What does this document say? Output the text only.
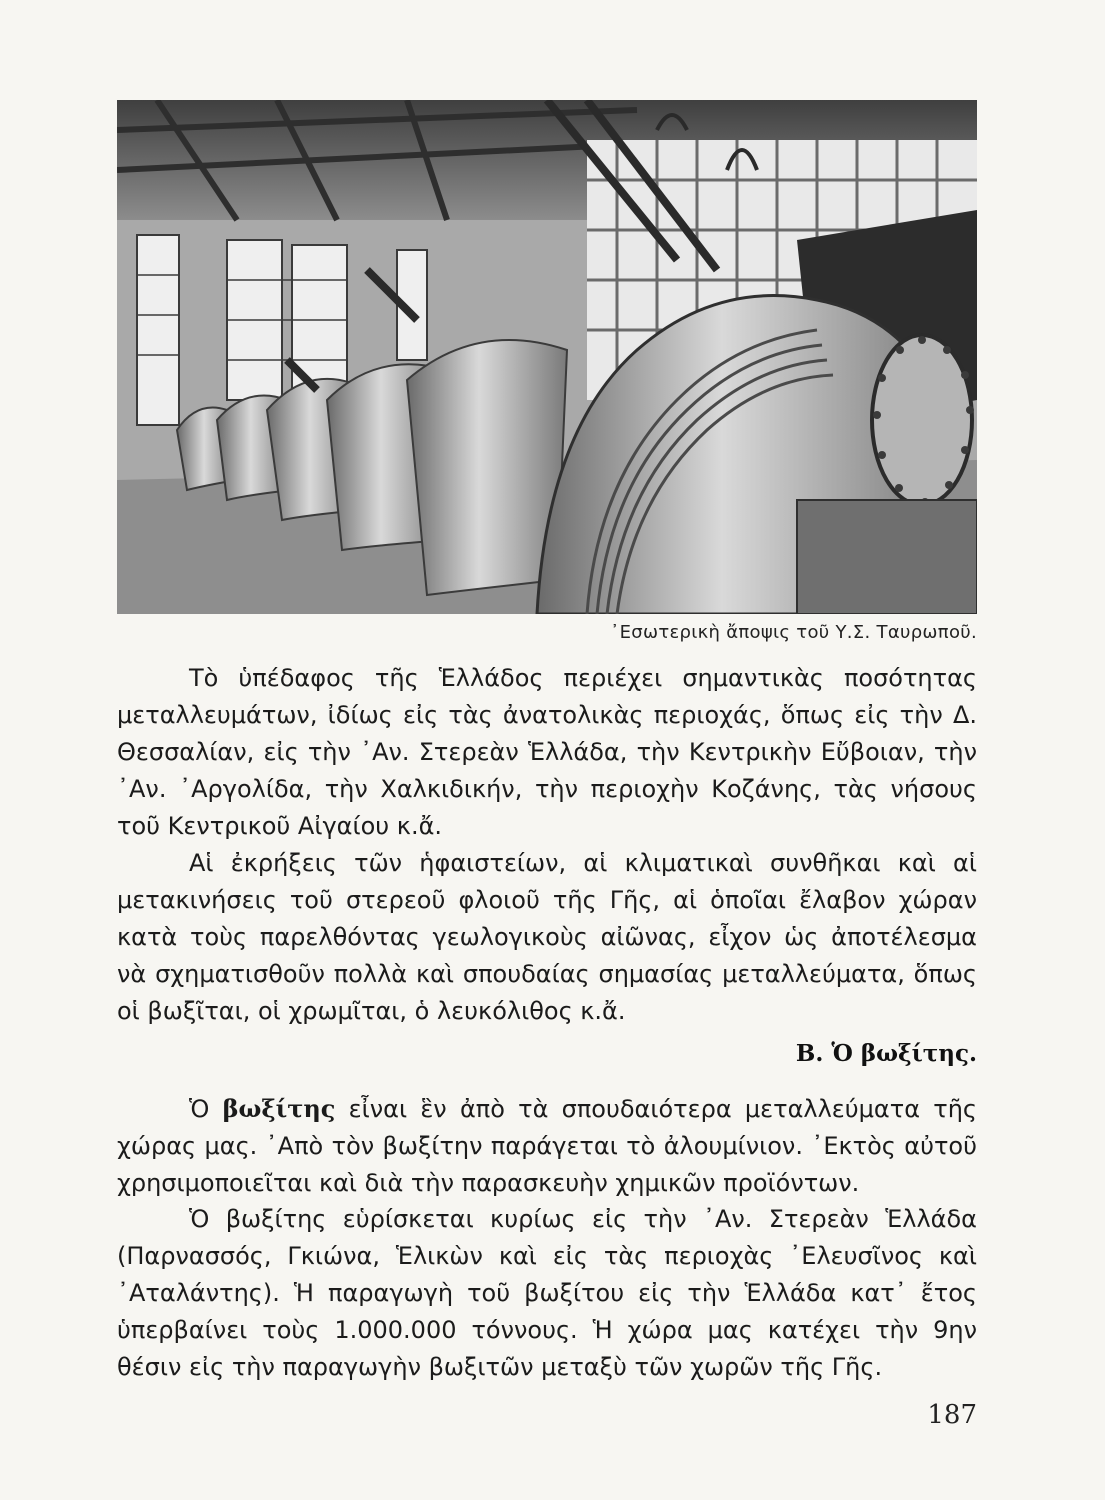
᾿Εσωτερικὴ ἄποψις τοῦ Υ.Σ. Ταυρωποῦ.

Τὸ ὑπέδαφος τῆς Ἑλλάδος περιέχει σημαντικὰς ποσότητας μεταλλευμάτων, ἰδίως εἰς τὰς ἀνατολικὰς περιοχάς, ὅπως εἰς τὴν Δ. Θεσσαλίαν, εἰς τὴν ᾿Αν. Στερεὰν Ἑλλάδα, τὴν Κεντρικὴν Εὔβοιαν, τὴν ᾿Αν. ᾿Αργολίδα, τὴν Χαλκιδικήν, τὴν περιοχὴν Κοζάνης, τὰς νήσους τοῦ Κεντρικοῦ Αἰγαίου κ.ἄ.

Αἱ ἐκρήξεις τῶν ἡφαιστείων, αἱ κλιματικαὶ συνθῆκαι καὶ αἱ μετακινήσεις τοῦ στερεοῦ φλοιοῦ τῆς Γῆς, αἱ ὁποῖαι ἔλαβον χώραν κατὰ τοὺς παρελθόντας γεωλογικοὺς αἰῶνας, εἶχον ὡς ἀποτέλεσμα νὰ σχηματισθοῦν πολλὰ καὶ σπουδαίας σημασίας μεταλλεύματα, ὅπως οἱ βωξῖται, οἱ χρωμῖται, ὁ λευκόλιθος κ.ἄ.

Β. Ὁ βωξίτης.

Ὁ βωξίτης εἶναι ἓν ἀπὸ τὰ σπουδαιότερα μεταλλεύματα τῆς χώρας μας. ᾿Απὸ τὸν βωξίτην παράγεται τὸ ἀλουμίνιον. ᾿Εκτὸς αὐτοῦ χρησιμοποιεῖται καὶ διὰ τὴν παρασκευὴν χημικῶν προϊόντων.

Ὁ βωξίτης εὑρίσκεται κυρίως εἰς τὴν ᾿Αν. Στερεὰν Ἑλλάδα (Παρνασσός, Γκιώνα, Ἑλικὼν καὶ εἰς τὰς περιοχὰς ᾿Ελευσῖνος καὶ ᾿Αταλάντης). Ἡ παραγωγὴ τοῦ βωξίτου εἰς τὴν Ἑλλάδα κατ᾿ ἔτος ὑπερβαίνει τοὺς 1.000.000 τόννους. Ἡ χώρα μας κατέχει τὴν 9ην θέσιν εἰς τὴν παραγωγὴν βωξιτῶν μεταξὺ τῶν χωρῶν τῆς Γῆς.

187
